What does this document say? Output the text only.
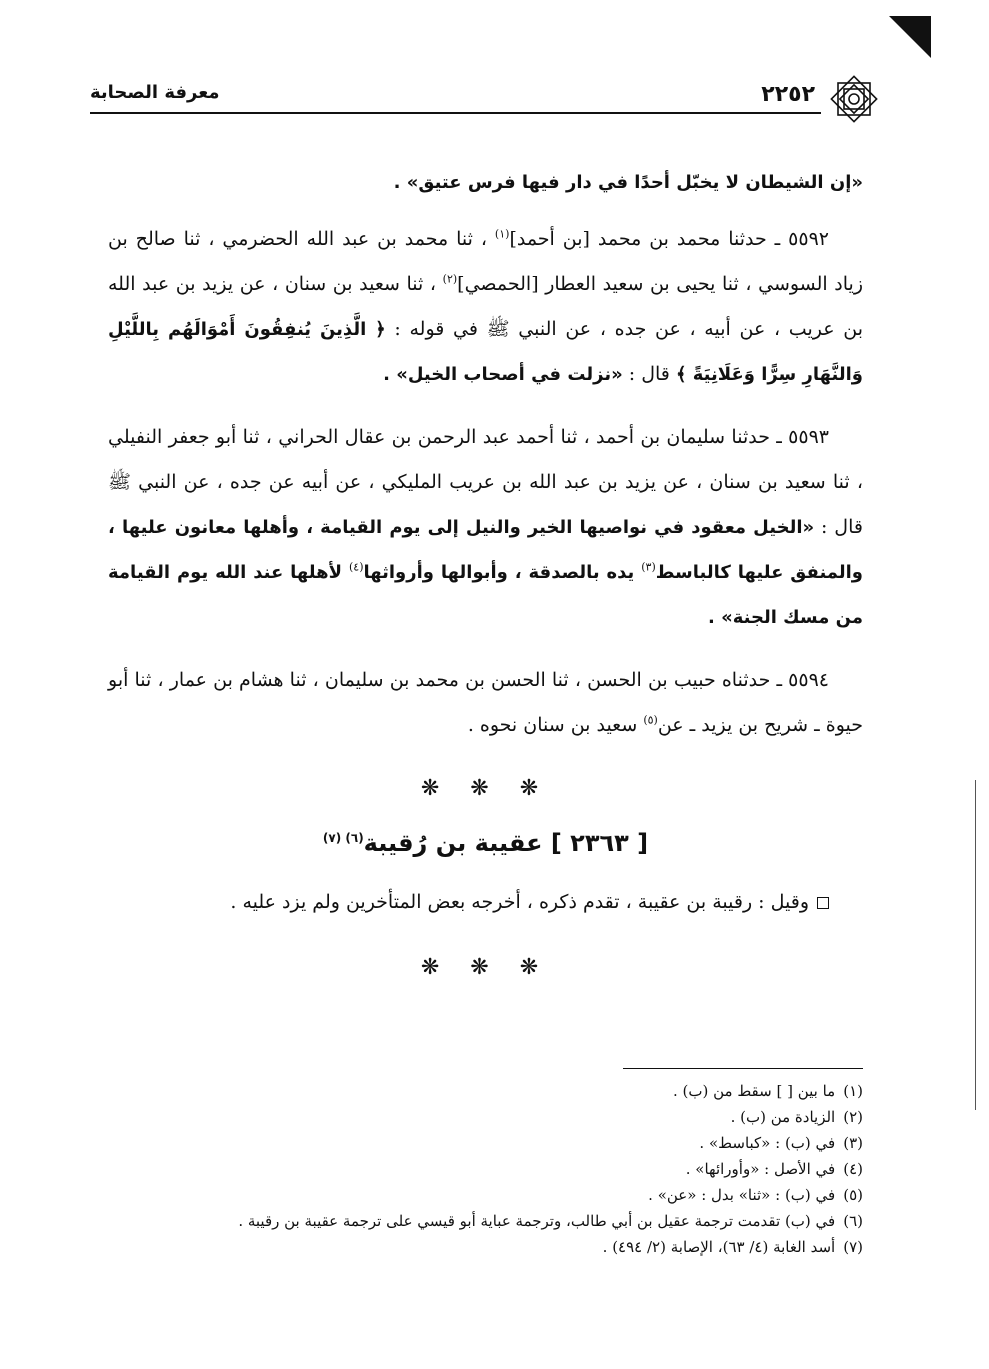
٢٢٥٢
معرفة الصحابة

«إن الشيطان لا يخبّل أحدًا في دار فيها فرس عتيق» .

٥٥٩٢ ـ حدثنا محمد بن محمد [بن أحمد]$^{(١)}$ ، ثنا محمد بن عبد الله الحضرمي ، ثنا صالح بن زياد السوسي ، ثنا يحيى بن سعيد العطار [الحمصي]$^{(٢)}$ ، ثنا سعيد بن سنان ، عن يزيد بن عبد الله بن عريب ، عن أبيه ، عن جده ، عن النبي ﷺ في قوله : ﴿ الَّذِينَ يُنفِقُونَ أَمْوَالَهُم بِاللَّيْلِ وَالنَّهَارِ سِرًّا وَعَلَانِيَةً ﴾ قال : «نزلت في أصحاب الخيل» .

٥٥٩٣ ـ حدثنا سليمان بن أحمد ، ثنا أحمد عبد الرحمن بن عقال الحراني ، ثنا أبو جعفر النفيلي ، ثنا سعيد بن سنان ، عن يزيد بن عبد الله بن عريب المليكي ، عن أبيه عن جده ، عن النبي ﷺ قال : «الخيل معقود في نواصيها الخير والنيل إلى يوم القيامة ، وأهلها معانون عليها ، والمنفق عليها كالباسط$^{(٣)}$ يده بالصدقة ، وأبوالها وأرواثها$^{(٤)}$ لأهلها عند الله يوم القيامة من مسك الجنة» .

٥٥٩٤ ـ حدثناه حبيب بن الحسن ، ثنا الحسن بن محمد بن سليمان ، ثنا هشام بن عمار ، ثنا أبو حيوة ـ شريح بن يزيد ـ عن$^{(٥)}$ سعيد بن سنان نحوه .

❋ ❋ ❋
[ ٢٣٦٣ ] عقيبة بن رُقيبة$^{(٦) (٧)}$

وقيل : رقيبة بن عقيبة ، تقدم ذكره ، أخرجه بعض المتأخرين ولم يزد عليه .

❋ ❋ ❋
(١)ما بين [ ] سقط من (ب) .
(٢)الزيادة من (ب) .
(٣)في (ب) : «كباسط» .
(٤)في الأصل : «وأورائها» .
(٥)في (ب) : «ثنا» بدل : «عن» .
(٦)في (ب) تقدمت ترجمة عقيل بن أبي طالب، وترجمة عباية أبو قيسي على ترجمة عقيبة بن رقيبة .
(٧)أسد الغابة (٤/ ٦٣)، الإصابة (٢/ ٤٩٤) .
